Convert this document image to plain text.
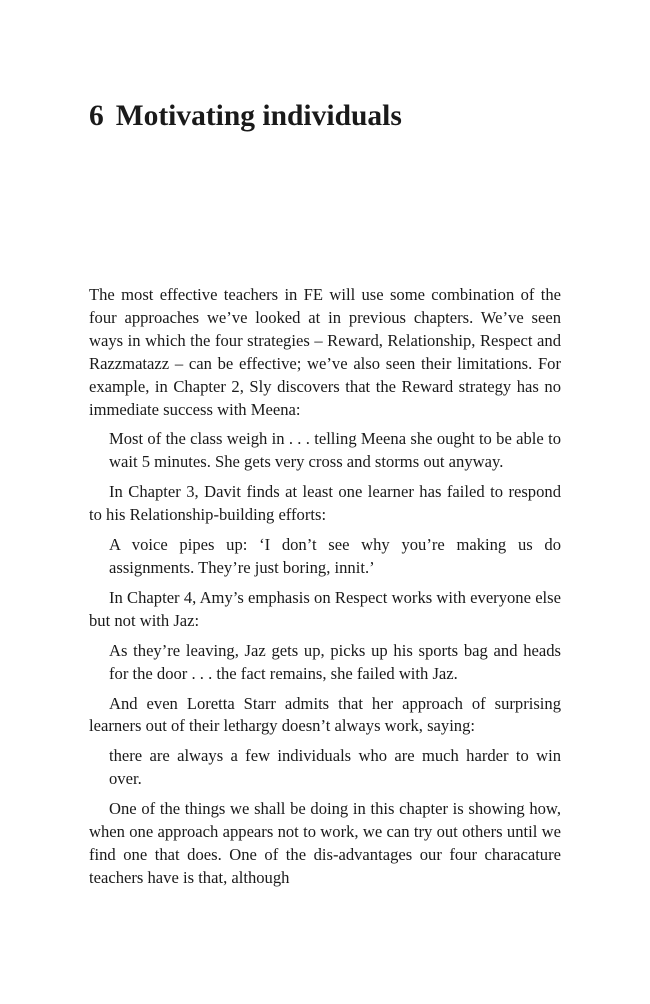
6 Motivating individuals

The most effective teachers in FE will use some combination of the four approaches we’ve looked at in previous chapters. We’ve seen ways in which the four strategies – Reward, Relationship, Respect and Razzmatazz – can be effective; we’ve also seen their limitations. For example, in Chapter 2, Sly discovers that the Reward strategy has no immediate success with Meena:

Most of the class weigh in . . . telling Meena she ought to be able to wait 5 minutes. She gets very cross and storms out anyway.

In Chapter 3, Davit finds at least one learner has failed to respond to his Relationship-building efforts:

A voice pipes up: ‘I don’t see why you’re making us do assignments. They’re just boring, innit.’

In Chapter 4, Amy’s emphasis on Respect works with everyone else but not with Jaz:

As they’re leaving, Jaz gets up, picks up his sports bag and heads for the door . . . the fact remains, she failed with Jaz.

And even Loretta Starr admits that her approach of surprising learners out of their lethargy doesn’t always work, saying:

there are always a few individuals who are much harder to win over.

One of the things we shall be doing in this chapter is showing how, when one approach appears not to work, we can try out others until we find one that does. One of the dis-advantages our four characature teachers have is that, although
